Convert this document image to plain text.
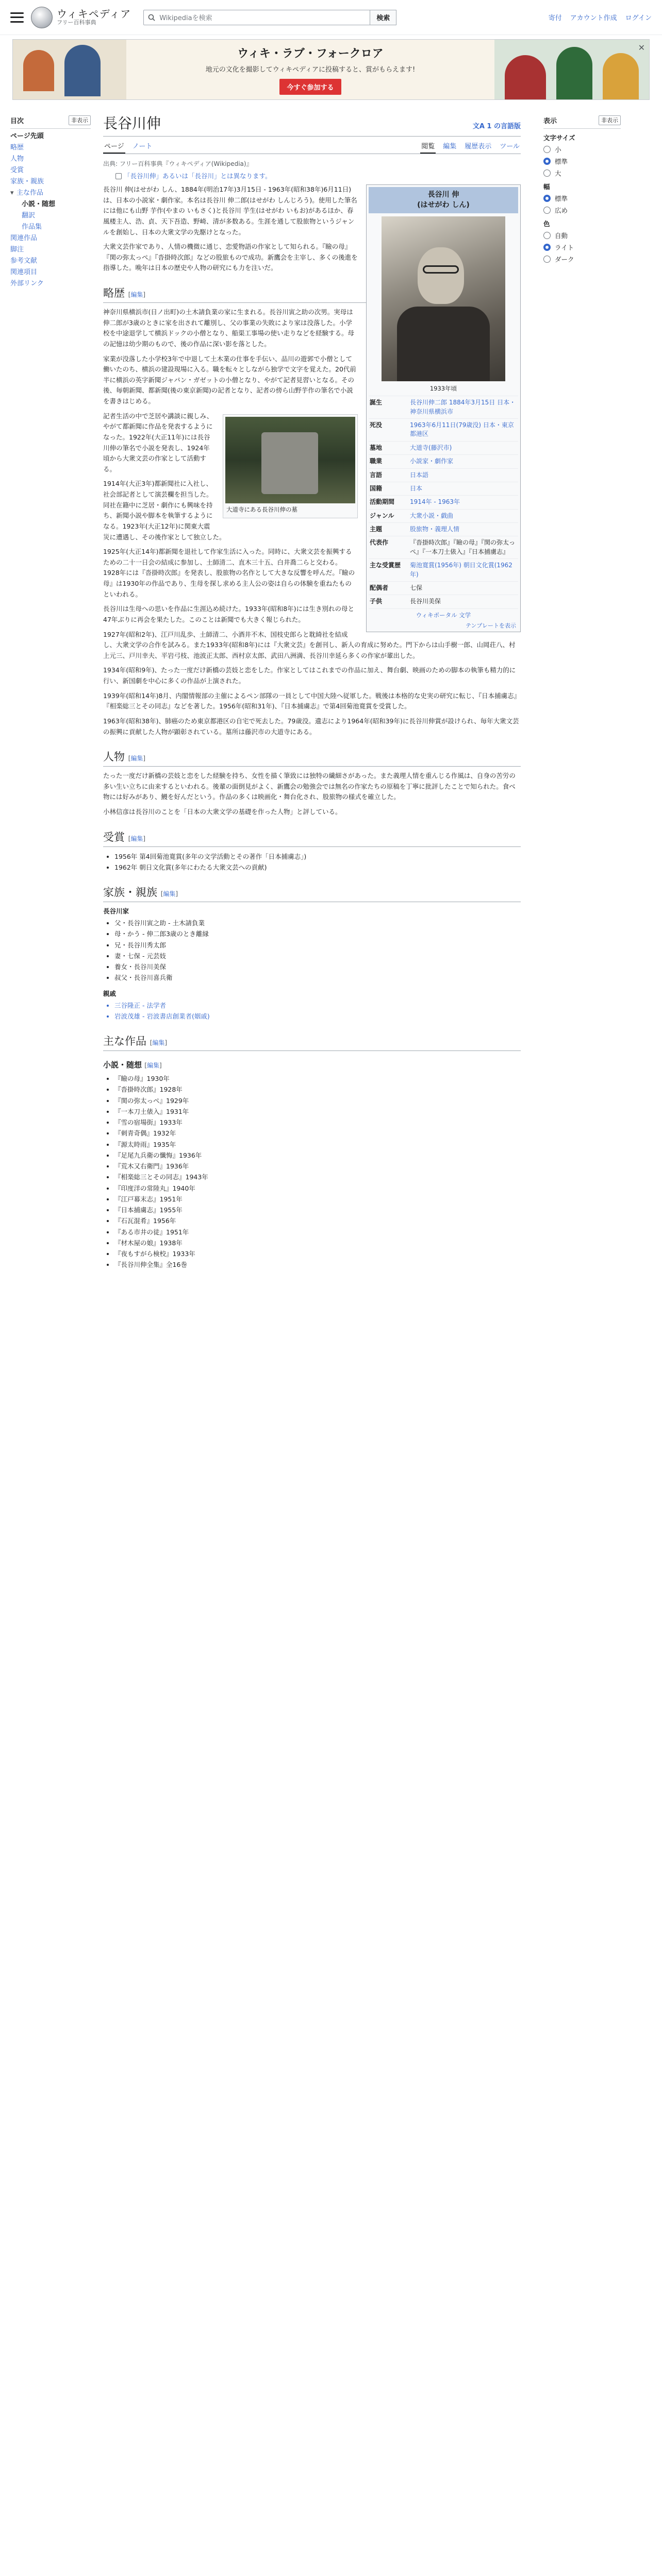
ウィキペディア
フリー百科事典
Wikipediaを検索	検索	寄付 アカウント作成 ログイン
ウィキ・ラブ・フォークロア
地元の文化を撮影してウィキペディアに投稿すると、賞がもらえます!
今すぐ参加する
✕
目次	非表示
ページ先頭
略歴
人物
受賞
家族・親族
▾ 主な作品
小説・随想
翻訳
作品集
関連作品
脚注
参考文献
関連項目
外部リンク
長谷川伸	文A 1 の言語版
ページ ノート	閲覧 編集 履歴表示 ツール
出典: フリー百科事典『ウィキペディア(Wikipedia)』
「長谷川伸」あるいは「長谷川」とは異なります。
長谷川 伸
(はせがわ しん)
1933年頃
誕生	長谷川伸二郎 1884年3月15日 日本・神奈川県横浜市
死没	1963年6月11日(79歳没) 日本・東京都港区
墓地	大道寺(藤沢市)
職業	小説家・劇作家
言語	日本語
国籍	日本
活動期間	1914年 - 1963年
ジャンル	大衆小説・戯曲
主題	股旅物・義理人情
代表作	『沓掛時次郎』『瞼の母』『関の弥太っぺ』『一本刀土俵入』『日本捕虜志』
主な受賞歴	菊池寛賞(1956年) 朝日文化賞(1962年)
配偶者	七保
子供	長谷川美保
ウィキポータル 文学
テンプレートを表示

長谷川 伸(はせがわ しん、1884年(明治17年)3月15日 - 1963年(昭和38年)6月11日)は、日本の小説家・劇作家。本名は長谷川 伸二郎(はせがわ しんじろう)。使用した筆名には他にも山野 芋作(やまの いもさく)と長谷川 芋生(はせがわ いもお)があるほか、春風楼主人、浩、貞、天下吾造、野崎、清が多数ある。生涯を通して股旅物というジャンルを創始し、日本の大衆文学の先駆けとなった。

大衆文芸作家であり、人情の機微に通じ、恋愛物語の作家として知られる。『瞼の母』『関の弥太っぺ』『沓掛時次郎』などの股旅もので成功。新鷹会を主宰し、多くの後進を指導した。晩年は日本の歴史や人物の研究にも力を注いだ。

略歴 [編集]

神奈川県横浜市(日ノ出町)の土木請負業の家に生まれる。長谷川寅之助の次男。実母は伸二郎が3歳のときに家を出されて離別し、父の事業の失敗により家は没落した。小学校を中途退学して横浜ドックの小僧となり、船渠工事場の使い走りなどを経験する。母の記憶は幼少期のもので、後の作品に深い影を落とした。

家業が没落した小学校3年で中退して土木業の仕事を手伝い、品川の遊郭で小僧として働いたのち、横浜の建設現場に入る。職を転々としながら独学で文字を覚えた。20代前半に横浜の英字新聞ジャパン・ガゼットの小僧となり、やがて記者見習いとなる。その後、毎朝新聞、都新聞(後の東京新聞)の記者となり、記者の傍ら山野芋作の筆名で小説を書きはじめる。

大道寺にある長谷川伸の墓

記者生活の中で芝居や講談に親しみ、やがて都新聞に作品を発表するようになった。1922年(大正11年)には長谷川伸の筆名で小説を発表し、1924年頃から大衆文芸の作家として活動する。

1914年(大正3年)都新聞社に入社し、社会部記者として演芸欄を担当した。同社在籍中に芝居・劇作にも興味を持ち、新聞小説や脚本を執筆するようになる。1923年(大正12年)に関東大震災に遭遇し、その後作家として独立した。

1925年(大正14年)都新聞を退社して作家生活に入った。同時に、大衆文芸を振興するための二十一日会の結成に参加し、土師清二、直木三十五、白井喬二らと交わる。1928年には『沓掛時次郎』を発表し、股旅物の名作として大きな反響を呼んだ。『瞼の母』は1930年の作品であり、生母を探し求める主人公の姿は自らの体験を重ねたものといわれる。

長谷川は生母への思いを作品に生涯込め続けた。1933年(昭和8年)には生き別れの母と47年ぶりに再会を果たした。このことは新聞でも大きく報じられた。

1927年(昭和2年)、江戸川乱歩、土師清二、小酒井不木、国枝史郎らと耽綺社を結成し、大衆文学の合作を試みる。また1933年(昭和8年)には『大衆文芸』を創刊し、新人の育成に努めた。門下からは山手樹一郎、山岡荘八、村上元三、戸川幸夫、平岩弓枝、池波正太郎、西村京太郎、武田八洲満、長谷川幸延ら多くの作家が輩出した。

1934年(昭和9年)、たった一度だけ新橋の芸妓と恋をした。作家としてはこれまでの作品に加え、舞台劇、映画のための脚本の執筆も精力的に行い、新国劇を中心に多くの作品が上演された。

1939年(昭和14年)8月、内閣情報部の主催によるペン部隊の一員として中国大陸へ従軍した。戦後は本格的な史実の研究に転じ、『日本捕虜志』『相楽総三とその同志』などを著した。1956年(昭和31年)、『日本捕虜志』で第4回菊池寛賞を受賞した。

1963年(昭和38年)、肺癌のため東京都港区の自宅で死去した。79歳没。遺志により1964年(昭和39年)に長谷川伸賞が設けられ、毎年大衆文芸の振興に貢献した人物が顕彰されている。墓所は藤沢市の大道寺にある。

人物 [編集]

たった一度だけ新橋の芸妓と恋をした経験を持ち、女性を描く筆致には独特の繊細さがあった。また義理人情を重んじる作風は、自身の苦労の多い生い立ちに由来するといわれる。後輩の面倒見がよく、新鷹会の勉強会では無名の作家たちの原稿を丁寧に批評したことで知られた。食べ物には好みがあり、鰻を好んだという。作品の多くは映画化・舞台化され、股旅物の様式を確立した。

小林信彦は長谷川のことを「日本の大衆文学の基礎を作った人物」と評している。

受賞 [編集]
• 1956年 第4回菊池寛賞(多年の文学活動とその著作「日本捕虜志」)
• 1962年 朝日文化賞(多年にわたる大衆文芸への貢献)
家族・親族 [編集]
長谷川家
• 父・長谷川寅之助 - 土木請負業
• 母・かう - 伸二郎3歳のとき離縁
• 兄・長谷川秀太郎
• 妻・七保 - 元芸妓
• 養女・長谷川美保
• 叔父・長谷川喜兵衛
親戚
• 三谷隆正 - 法学者
• 岩波茂雄 - 岩波書店創業者(姻戚)
主な作品 [編集]
小説・随想 [編集]
• 『瞼の母』1930年
• 『沓掛時次郎』1928年
• 『関の弥太っぺ』1929年
• 『一本刀土俵入』1931年
• 『雪の宿場街』1933年
• 『刺青奇偶』1932年
• 『源太時雨』1935年
• 『足尾九兵衛の懺悔』1936年
• 『荒木又右衛門』1936年
• 『相楽総三とその同志』1943年
• 『印度洋の常陸丸』1940年
• 『江戸幕末志』1951年
• 『日本捕虜志』1955年
• 『石瓦混肴』1956年
• 『ある市井の徒』1951年
• 『材木屋の娘』1938年
• 『夜もすがら検校』1933年
• 『長谷川伸全集』全16巻
表示	非表示
文字サイズ
小
標準
大
幅
標準
広め
色
自動
ライト
ダーク
